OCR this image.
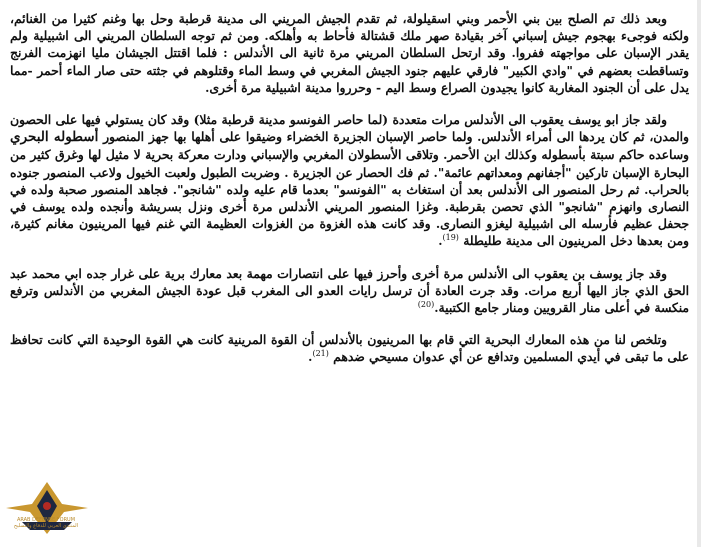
وبعد ذلك تم الصلح بين بني الأحمر وبني اسقيلولة، ثم تقدم الجيش المريني الى مدينة قرطبة وحل بها وغنم كثيرا من الغنائم، ولكنه فوجىء بهجوم جيش إسباني آخر بقيادة صهر ملك قشتالة فأحاط به وأهلكه. ومن ثم توجه السلطان المريني الى اشبيلية ولم يقدر الإسبان على مواجهته ففروا. وقد ارتحل السلطان المريني مرة ثانية الى الأندلس : فلما اقتتل الجيشان مليا انهزمت الفرنج وتساقطت بعضهم في "وادي الكبير" فارقي عليهم جنود الجيش المغربي في وسط الماء وقتلوهم في جثته حتى صار الماء أحمر -مما يدل على أن الجنود المغاربة كانوا يجيدون الصراع وسط اليم - وحرروا مدينة اشبيلية مرة أخرى.

ولقد جاز ابو يوسف يعقوب الى الأندلس مرات متعددة (لما حاصر الفونسو مدينة قرطبة مثلا) وقد كان يستولي فيها على الحصون والمدن، ثم كان يردها الى أمراء الأندلس. ولما حاصر الإسبان الجزيرة الخضراء وضيقوا على أهلها بها جهز المنصور أسطوله البحري وساعده حاكم سبتة بأسطوله وكذلك ابن الأحمر. وتلاقى الأسطولان المغربي والإسباني ودارت معركة بحرية لا مثيل لها وغرق كثير من البحارة الإسبان تاركين "أجفانهم ومعداتهم عائمة". ثم فك الحصار عن الجزيرة . وضربت الطبول ولعبت الخيول ولاعب المنصور جنوده بالحراب. ثم رحل المنصور الى الأندلس بعد أن استغاث به "الفونسو" بعدما قام عليه ولده "شانجو". فجاهد المنصور صحبة ولده في النصارى وانهزم "شانجو" الذي تحصن بقرطبة. وغزا المنصور المريني الأندلس مرة أخرى ونزل بسريشة وأنجده ولده يوسف في جحفل عظيم فأرسله الى اشبيلية ليغزو النصارى. وقد كانت هذه الغزوة من الغزوات العظيمة التي غنم فيها المرينيون مغانم كثيرة، ومن بعدها دخل المرينيون الى مدينة طليطلة $^{(19)}$.

وقد جاز يوسف بن يعقوب الى الأندلس مرة أخرى وأحرز فيها على انتصارات مهمة بعد معارك برية على غرار جده ابي محمد عبد الحق الذي جاز اليها أربع مرات. وقد جرت العادة أن ترسل رايات العدو الى المغرب قبل عودة الجيش المغربي من الأندلس وترفع منكسة في أعلى منار القرويين ومنار جامع الكتبية.$^{(20)}$

وتلخص لنا من هذه المعارك البحرية التي قام بها المرينيون بالأندلس أن القوة المرينية كانت هي القوة الوحيدة التي كانت تحافظ على ما تبقى في أيدي المسلمين وتدافع عن أي عدوان مسيحي ضدهم $^{(21)}$.

ARAB DEFENSE FORUM
المنتدى العربي للدفاع والتسليح
